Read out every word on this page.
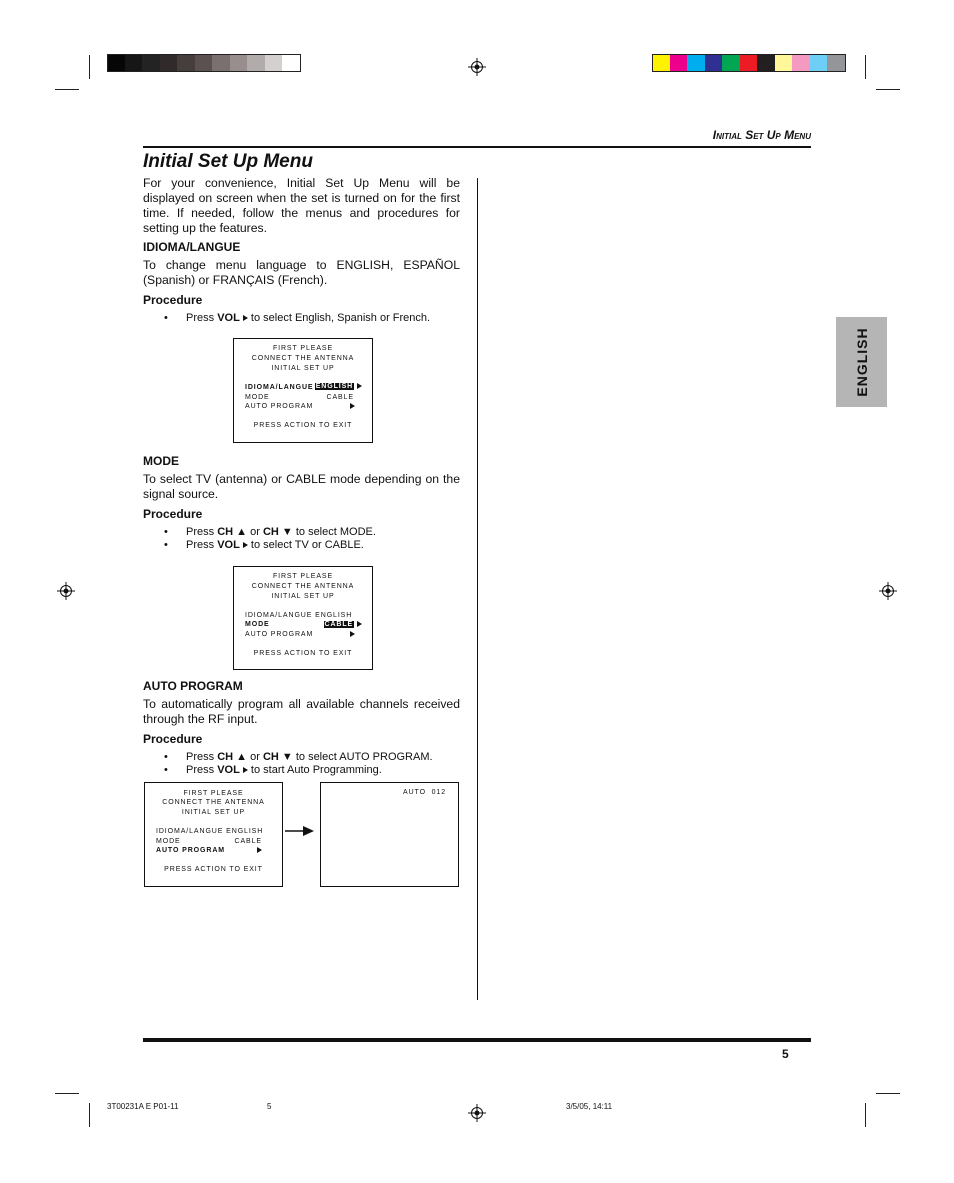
Initial Set Up Menu
Initial Set Up Menu
For your convenience, Initial Set Up Menu will be displayed on screen when the set is turned on for the first time. If needed, follow the menus and procedures for setting up the features.
IDIOMA/LANGUE
To change menu language to ENGLISH, ESPAÑOL (Spanish) or FRANÇAIS (French).
Procedure
• Press VOL  to select English, Spanish or French.
FIRST PLEASE
CONNECT THE ANTENNA
INITIAL SET UP
IDIOMA/LANGUE ENGLISH
MODE	CABLE
AUTO PROGRAM
PRESS ACTION TO EXIT
MODE
To select TV (antenna) or CABLE mode depending on the signal source.
Procedure
• Press CH ▲ or CH ▼ to select MODE.
• Press VOL  to select TV or CABLE.
FIRST PLEASE
CONNECT THE ANTENNA
INITIAL SET UP
IDIOMA/LANGUE ENGLISH
MODE	CABLE
AUTO PROGRAM
PRESS ACTION TO EXIT
AUTO PROGRAM
To automatically program all available channels received through the RF input.
Procedure
• Press CH ▲ or CH ▼ to select AUTO PROGRAM.
• Press VOL  to start Auto Programming.
FIRST PLEASE
CONNECT THE ANTENNA
INITIAL SET UP
IDIOMA/LANGUE ENGLISH
MODE	CABLE
AUTO PROGRAM
PRESS ACTION TO EXIT
AUTO  012
ENGLISH
5
3T00231A E P01-11	5	3/5/05, 14:11
